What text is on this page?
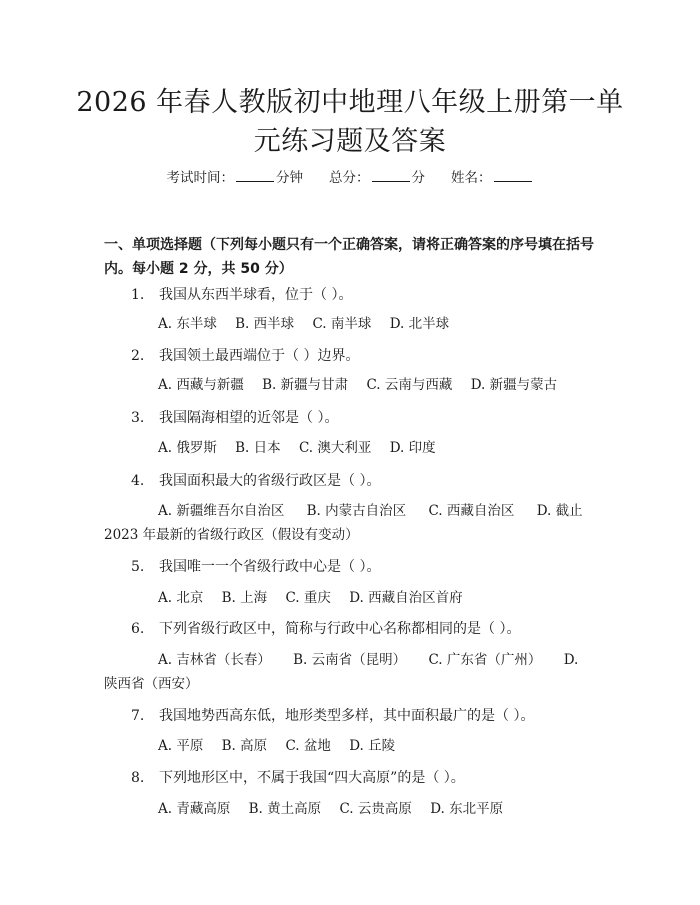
2026 年春人教版初中地理八年级上册第一单
元练习题及答案
考试时间：	分钟 总分：	分 姓名：
一、单项选择题（下列每小题只有一个正确答案，请将正确答案的序号填在括号内。每小题 2 分，共 50 分）
1. 我国从东西半球看，位于（ ）。
A. 东半球 B. 西半球 C. 南半球 D. 北半球
2. 我国领土最西端位于（ ）边界。
A. 西藏与新疆 B. 新疆与甘肃 C. 云南与西藏 D. 新疆与蒙古
3. 我国隔海相望的近邻是（ ）。
A. 俄罗斯 B. 日本 C. 澳大利亚 D. 印度
4. 我国面积最大的省级行政区是（ ）。
A. 新疆维吾尔自治区 B. 内蒙古自治区 C. 西藏自治区 D. 截止 2023 年最新的省级行政区（假设有变动）
5. 我国唯一一个省级行政中心是（ ）。
A. 北京 B. 上海 C. 重庆 D. 西藏自治区首府
6. 下列省级行政区中，简称与行政中心名称都相同的是（ ）。
A. 吉林省（长春） B. 云南省（昆明） C. 广东省（广州） D. 陕西省（西安）
7. 我国地势西高东低，地形类型多样，其中面积最广的是（ ）。
A. 平原 B. 高原 C. 盆地 D. 丘陵
8. 下列地形区中，不属于我国“四大高原”的是（ ）。
A. 青藏高原 B. 黄土高原 C. 云贵高原 D. 东北平原
